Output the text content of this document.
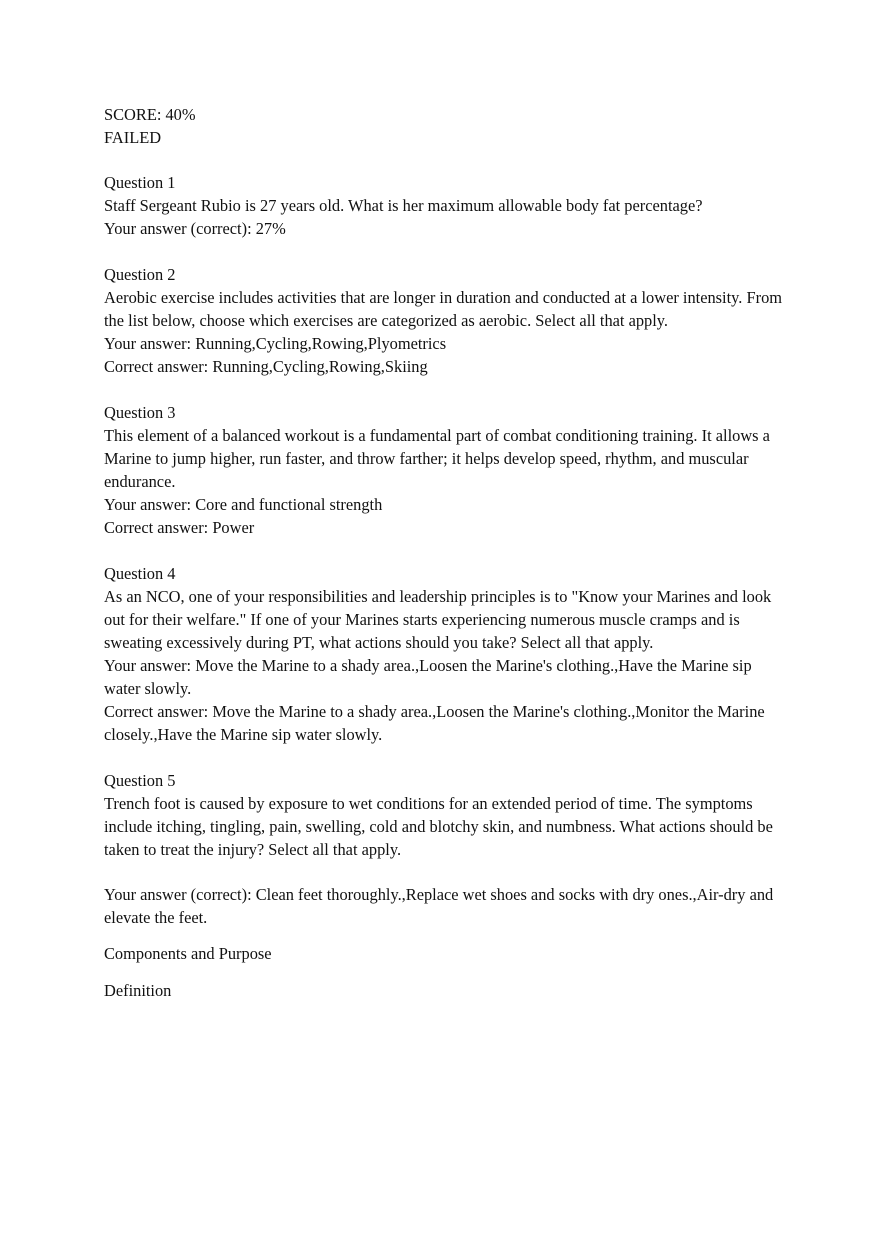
SCORE: 40%
FAILED
Question 1

Staff Sergeant Rubio is 27 years old. What is her maximum allowable body fat percentage?

Your answer (correct): 27%

Question 2

Aerobic exercise includes activities that are longer in duration and conducted at a lower intensity. From the list below, choose which exercises are categorized as aerobic. Select all that apply.

Your answer: Running,Cycling,Rowing,Plyometrics

Correct answer: Running,Cycling,Rowing,Skiing

Question 3

This element of a balanced workout is a fundamental part of combat conditioning training. It allows a Marine to jump higher, run faster, and throw farther; it helps develop speed, rhythm, and muscular endurance.

Your answer: Core and functional strength

Correct answer: Power

Question 4

As an NCO, one of your responsibilities and leadership principles is to "Know your Marines and look out for their welfare." If one of your Marines starts experiencing numerous muscle cramps and is sweating excessively during PT, what actions should you take? Select all that apply.

Your answer: Move the Marine to a shady area.,Loosen the Marine's clothing.,Have the Marine sip water slowly.

Correct answer: Move the Marine to a shady area.,Loosen the Marine's clothing.,Monitor the Marine closely.,Have the Marine sip water slowly.

Question 5

Trench foot is caused by exposure to wet conditions for an extended period of time. The symptoms include itching, tingling, pain, swelling, cold and blotchy skin, and numbness. What actions should be taken to treat the injury? Select all that apply.

Your answer (correct): Clean feet thoroughly.,Replace wet shoes and socks with dry ones.,Air-dry and elevate the feet.

Components and Purpose

Definition
